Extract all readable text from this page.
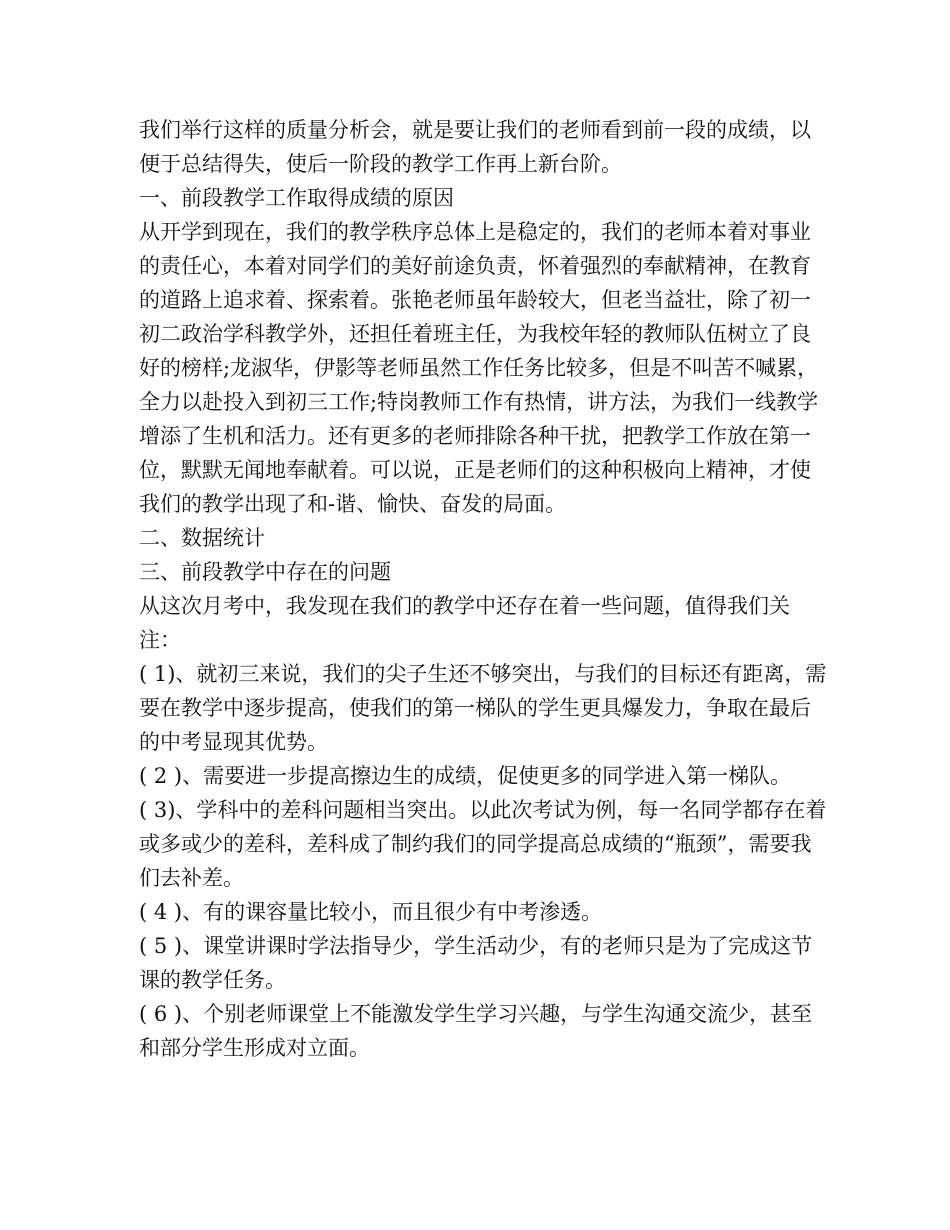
我们举行这样的质量分析会，就是要让我们的老师看到前一段的成绩，以便于总结得失，使后一阶段的教学工作再上新台阶。

一、前段教学工作取得成绩的原因

从开学到现在，我们的教学秩序总体上是稳定的，我们的老师本着对事业的责任心，本着对同学们的美好前途负责，怀着强烈的奉献精神，在教育的道路上追求着、探索着。张艳老师虽年龄较大，但老当益壮，除了初一初二政治学科教学外，还担任着班主任，为我校年轻的教师队伍树立了良好的榜样;龙淑华，伊影等老师虽然工作任务比较多，但是不叫苦不喊累，全力以赴投入到初三工作;特岗教师工作有热情，讲方法，为我们一线教学增添了生机和活力。还有更多的老师排除各种干扰，把教学工作放在第一位，默默无闻地奉献着。可以说，正是老师们的这种积极向上精神，才使我们的教学出现了和-谐、愉快、奋发的局面。

二、数据统计

三、前段教学中存在的问题

从这次月考中，我发现在我们的教学中还存在着一些问题，值得我们关注：

( 1)、就初三来说，我们的尖子生还不够突出，与我们的目标还有距离，需要在教学中逐步提高，使我们的第一梯队的学生更具爆发力，争取在最后的中考显现其优势。

( 2 )、需要进一步提高擦边生的成绩，促使更多的同学进入第一梯队。

( 3)、学科中的差科问题相当突出。以此次考试为例，每一名同学都存在着或多或少的差科，差科成了制约我们的同学提高总成绩的“瓶颈”，需要我们去补差。

( 4 )、有的课容量比较小，而且很少有中考渗透。

( 5 )、课堂讲课时学法指导少，学生活动少，有的老师只是为了完成这节课的教学任务。

( 6 )、个别老师课堂上不能激发学生学习兴趣，与学生沟通交流少，甚至和部分学生形成对立面。
